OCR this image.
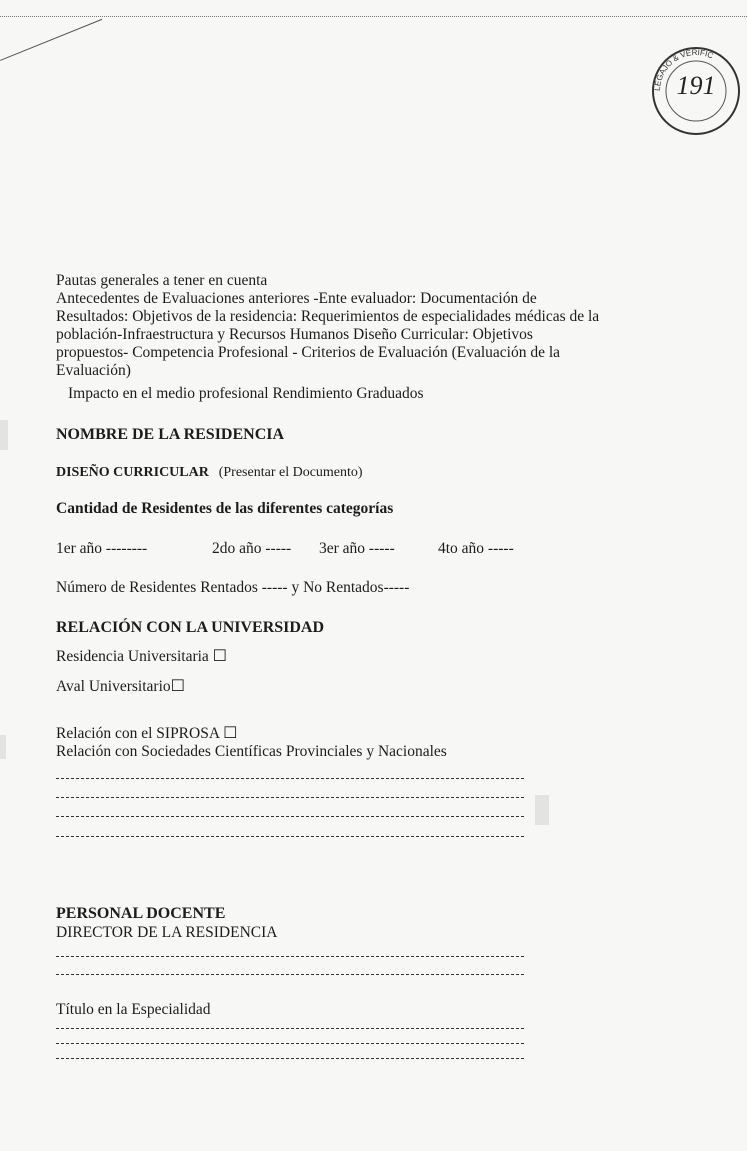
LEGAJO & VERIFIC
191
Pautas generales a tener en cuenta
Antecedentes de Evaluaciones anteriores -Ente evaluador: Documentación de
Resultados: Objetivos de la residencia: Requerimientos de especialidades médicas de la
población-Infraestructura y Recursos Humanos Diseño Curricular: Objetivos
propuestos- Competencia Profesional - Criterios de Evaluación (Evaluación de la
Evaluación)
Impacto en el medio profesional Rendimiento Graduados
NOMBRE DE LA RESIDENCIA
DISEÑO CURRICULAR (Presentar el Documento)
Cantidad de Residentes de las diferentes categorías
1er año --------	2do año ----- 3er año -----	4to año -----
Número de Residentes Rentados ----- y No Rentados-----
RELACIÓN CON LA UNIVERSIDAD
Residencia Universitaria ☐
Aval Universitario☐
Relación con el SIPROSA ☐
Relación con Sociedades Científicas Provinciales y Nacionales
PERSONAL DOCENTE
DIRECTOR DE LA RESIDENCIA
Título en la Especialidad
